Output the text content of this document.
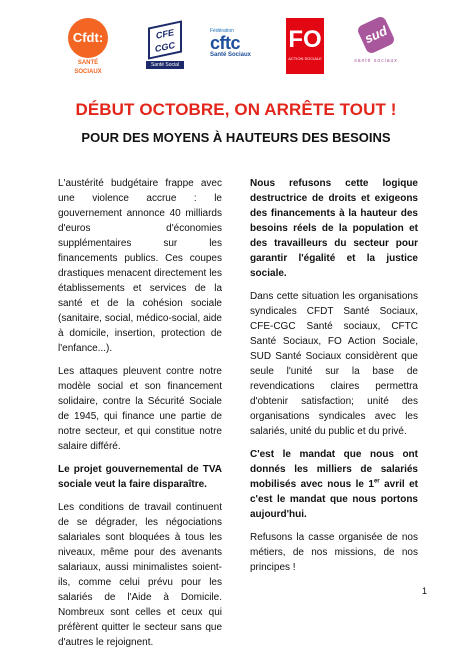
Cfdt:
SANTÉ
SOCIAUX
CFE
CGC
Santé Social
Fédération
cftc
Santé Sociaux
FO
ACTION SOCIALE
sud
santé sociaux
DÉBUT OCTOBRE, ON ARRÊTE TOUT !
POUR DES MOYENS À HAUTEURS DES BESOINS

L'austérité budgétaire frappe avec une violence accrue : le gouvernement annonce 40 milliards d'euros d'économies supplémentaires sur les financements publics. Ces coupes drastiques menacent directement les établissements et services de la santé et de la cohésion sociale (sanitaire, social, médico-social, aide à domicile, insertion, protection de l'enfance...).

Les attaques pleuvent contre notre modèle social et son financement solidaire, contre la Sécurité Sociale de 1945, qui finance une partie de notre secteur, et qui constitue notre salaire différé.

Le projet gouvernemental de TVA sociale veut la faire disparaître.

Les conditions de travail continuent de se dégrader, les négociations salariales sont bloquées à tous les niveaux, même pour des avenants salariaux, aussi minimalistes soient-ils, comme celui prévu pour les salariés de l'Aide à Domicile. Nombreux sont celles et ceux qui préfèrent quitter le secteur sans que d'autres le rejoignent.

Nous refusons cette logique destructrice de droits et exigeons des financements à la hauteur des besoins réels de la population et des travailleurs du secteur pour garantir l'égalité et la justice sociale.

Dans cette situation les organisations syndicales CFDT Santé Sociaux, CFE-CGC Santé sociaux, CFTC Santé Sociaux, FO Action Sociale, SUD Santé Sociaux considèrent que seule l'unité sur la base de revendications claires permettra d'obtenir satisfaction; unité des organisations syndicales avec les salariés, unité du public et du privé.

C'est le mandat que nous ont donnés les milliers de salariés mobilisés avec nous le 1er avril et c'est le mandat que nous portons aujourd'hui.

Refusons la casse organisée de nos métiers, de nos missions, de nos principes !

1
